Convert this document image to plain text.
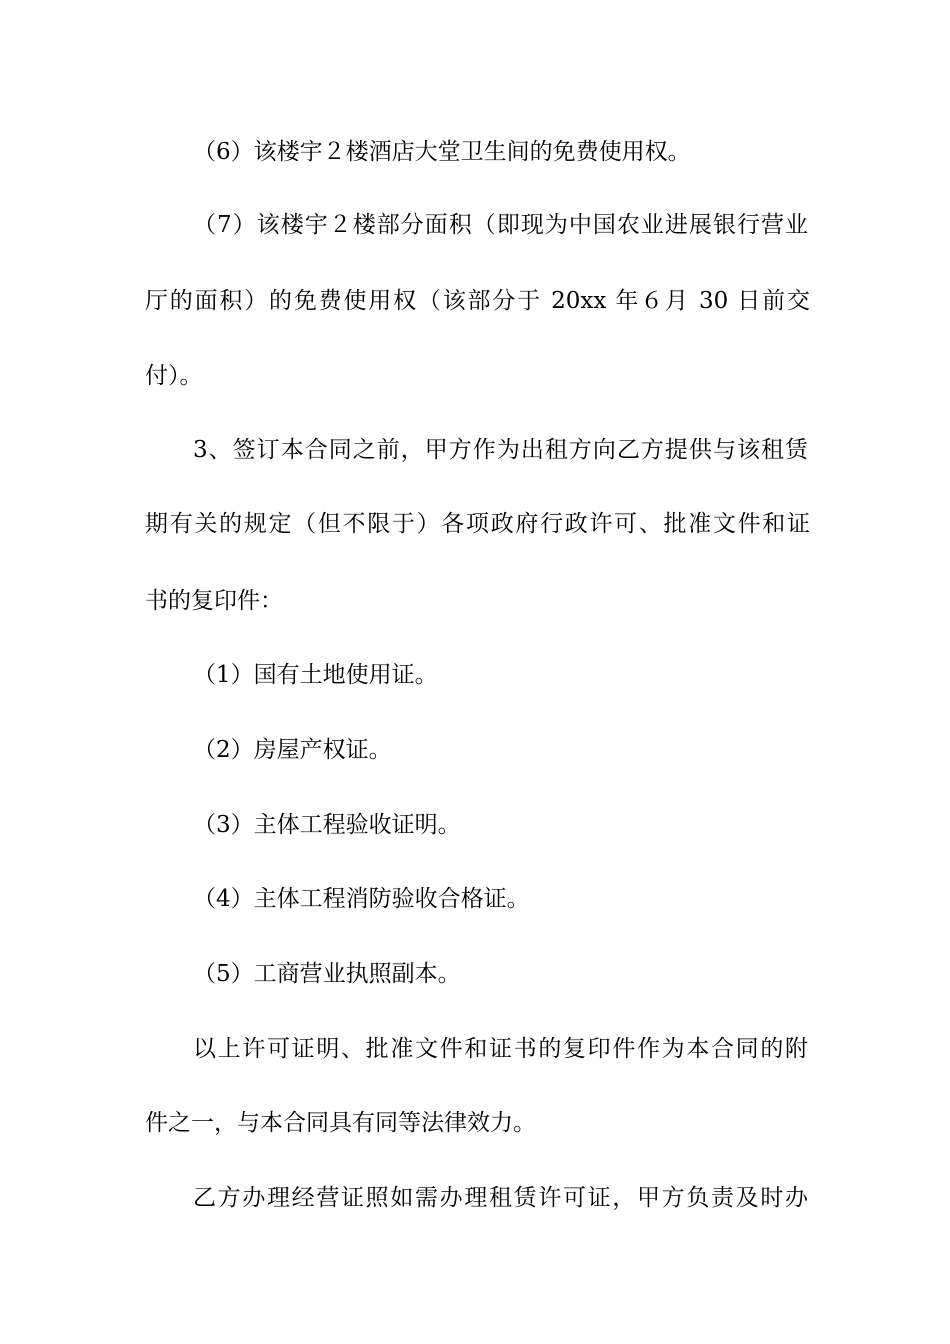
（6）该楼宇２楼酒店大堂卫生间的免费使用权。
（7）该楼宇２楼部分面积（即现为中国农业进展银行营业
厅的面积）的免费使用权（该部分于 20xx 年６月 30 日前交
付）。
3、签订本合同之前，甲方作为出租方向乙方提供与该租赁
期有关的规定（但不限于）各项政府行政许可、批准文件和证
书的复印件：
（1）国有土地使用证。
（2）房屋产权证。
（3）主体工程验收证明。
（4）主体工程消防验收合格证。
（5）工商营业执照副本。
以上许可证明、批准文件和证书的复印件作为本合同的附
件之一，与本合同具有同等法律效力。
乙方办理经营证照如需办理租赁许可证，甲方负责及时办
